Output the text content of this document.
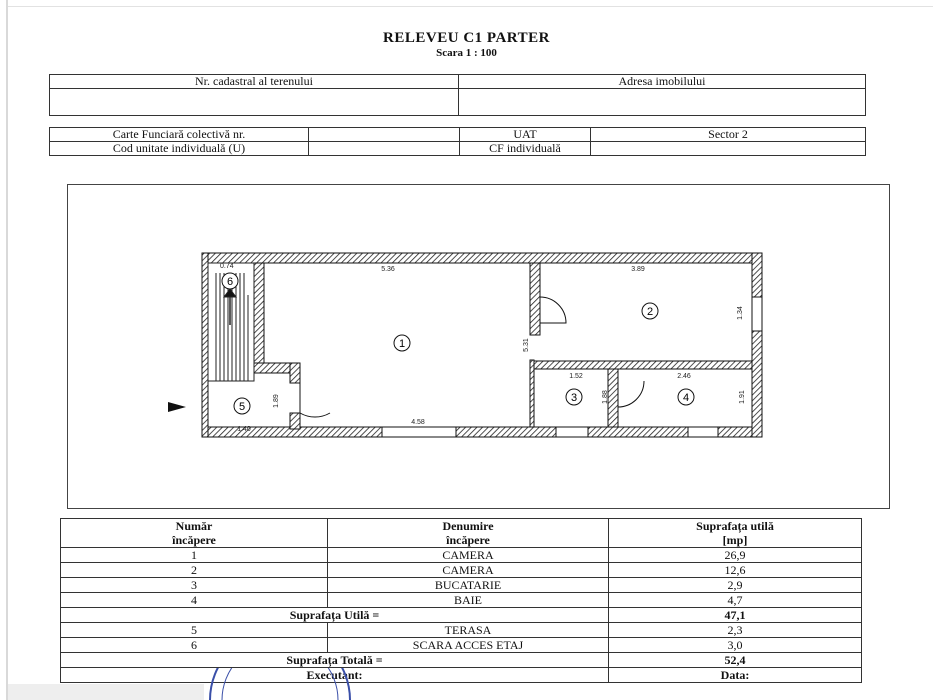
RELEVEU C1 PARTER
Scara 1 : 100
Nr. cadastral al terenului	Adresa imobilului

Carte Funciară colectivă nr.		UAT	Sector 2
Cod unitate individuală (U)		CF individuală	
1
2
3	4
5
6
0.74	5.36	3.89
5.31
1.34
1.52	2.46
1.88	1.91
1.89
1.40
4.58
Număr	Denumire	Suprafața utilă
încăpere	încăpere	[mp]
1	CAMERA	26,9
2	CAMERA	12,6
3	BUCATARIE	2,9
4	BAIE	4,7
Suprafața Utilă =		47,1
5	TERASA	2,3
6	SCARA ACCES ETAJ	3,0
Suprafața Totală =		52,4
Executant:		Data:
